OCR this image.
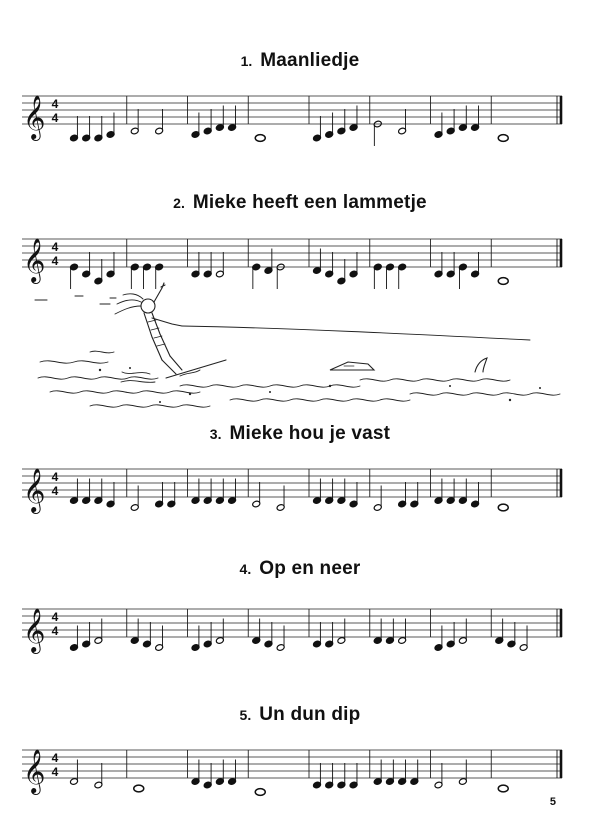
1. Maanliedje
𝄞 4
4
2. Mieke heeft een lammetje
𝄞 4
4
3. Mieke hou je vast
𝄞 4
4
4. Op en neer
𝄞 4
4
5. Un dun dip
𝄞 4
4
5
